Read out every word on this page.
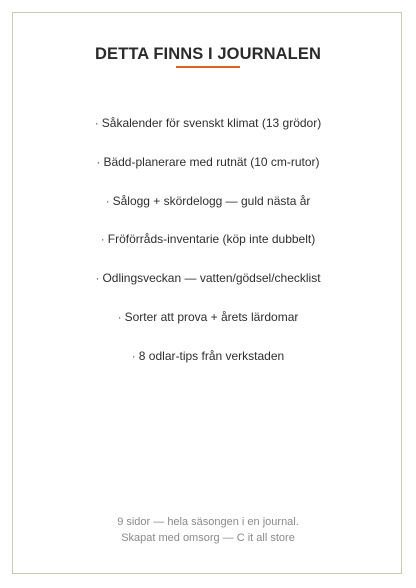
DETTA FINNS I JOURNALEN
· Såkalender för svenskt klimat (13 grödor)
· Bädd-planerare med rutnät (10 cm-rutor)
· Sålogg + skördelogg — guld nästa år
· Fröförråds-inventarie (köp inte dubbelt)
· Odlingsveckan — vatten/gödsel/checklist
· Sorter att prova + årets lärdomar
· 8 odlar-tips från verkstaden
9 sidor — hela säsongen i en journal.
Skapat med omsorg — C it all store
